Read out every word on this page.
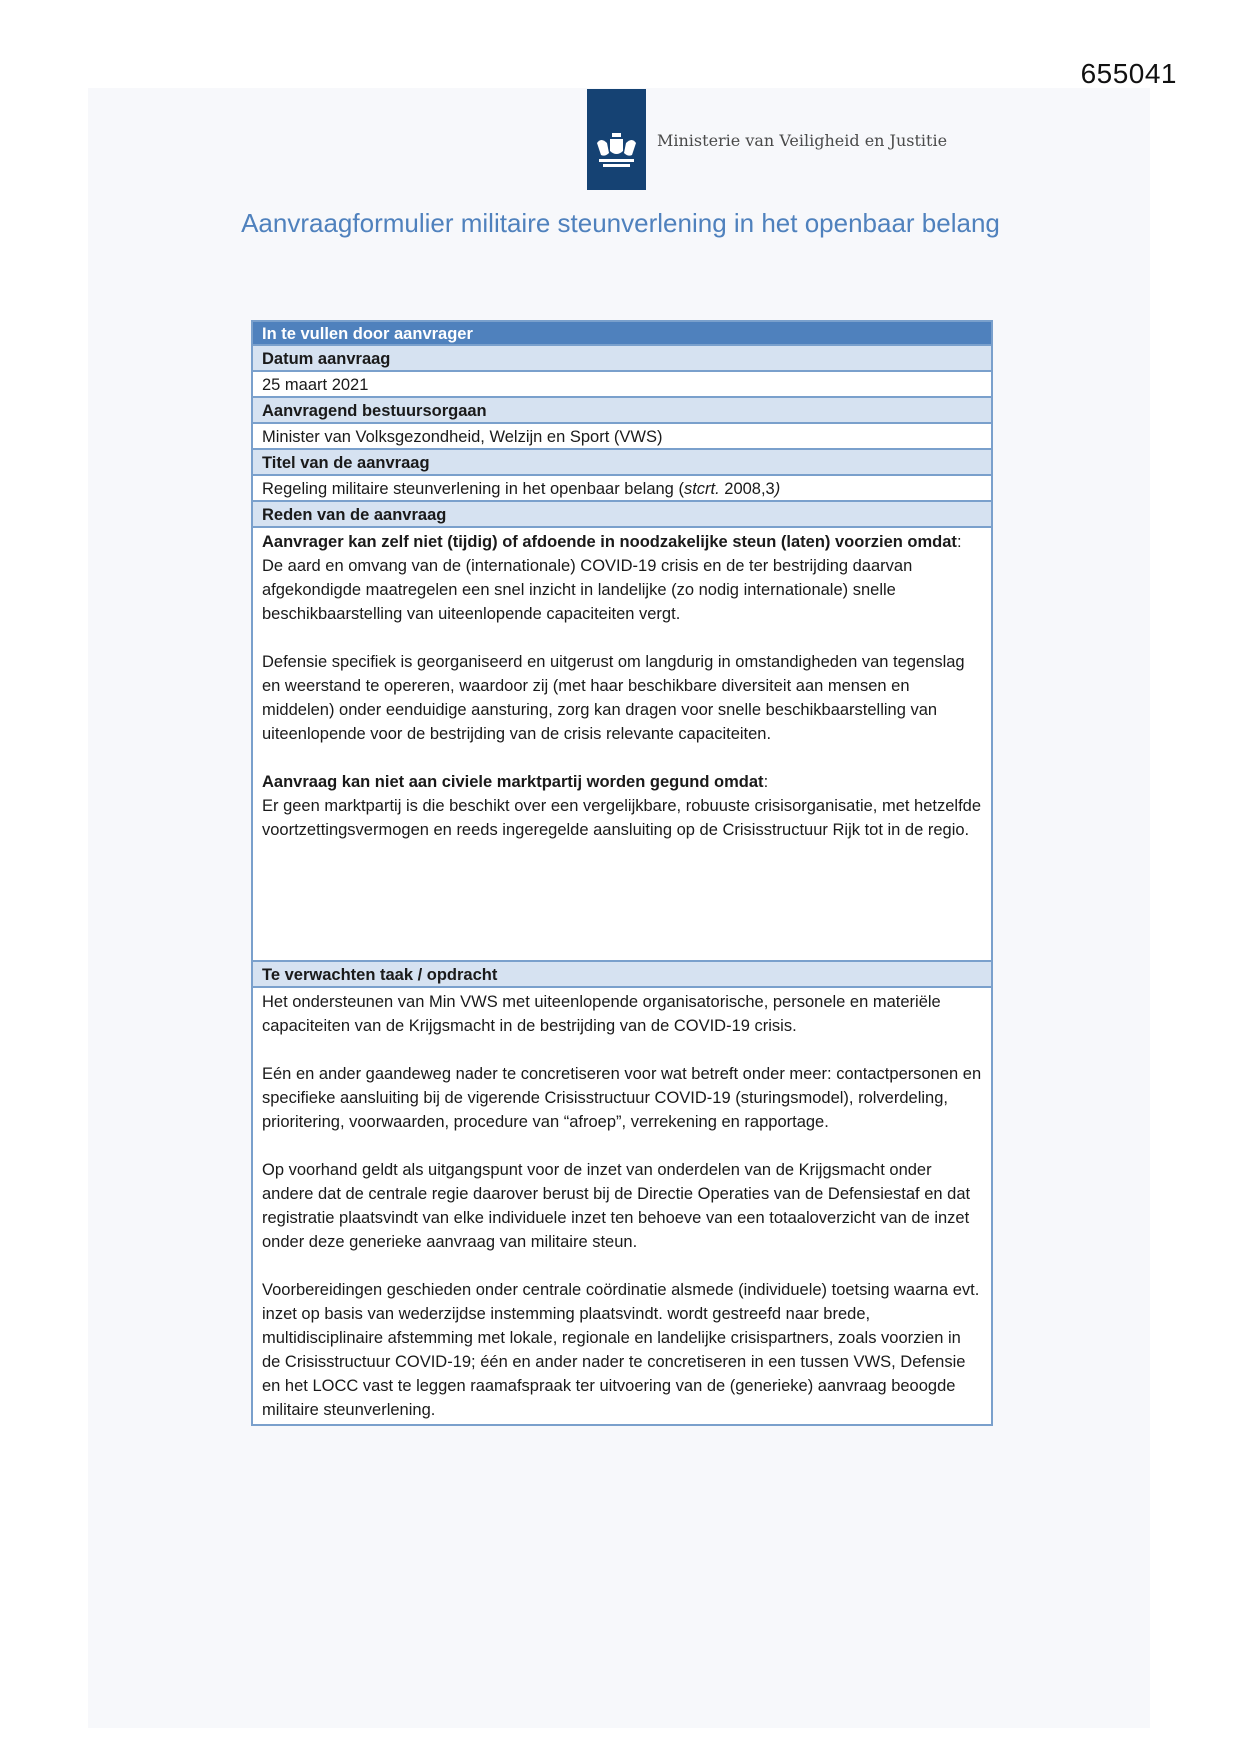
655041
Ministerie van Veiligheid en Justitie
Aanvraagformulier militaire steunverlening in het openbaar belang
In te vullen door aanvrager
Datum aanvraag
25 maart 2021
Aanvragend bestuursorgaan
Minister van Volksgezondheid, Welzijn en Sport (VWS)
Titel van de aanvraag
Regeling militaire steunverlening in het openbaar belang (stcrt. 2008,3)
Reden van de aanvraag

Aanvrager kan zelf niet (tijdig) of afdoende in noodzakelijke steun (laten) voorzien omdat:

De aard en omvang van de (internationale) COVID-19 crisis en de ter bestrijding daarvan afgekondigde maatregelen een snel inzicht in landelijke (zo nodig internationale) snelle beschikbaarstelling van uiteenlopende capaciteiten vergt.

Defensie specifiek is georganiseerd en uitgerust om langdurig in omstandigheden van tegenslag en weerstand te opereren, waardoor zij (met haar beschikbare diversiteit aan mensen en middelen) onder eenduidige aansturing, zorg kan dragen voor snelle beschikbaarstelling van uiteenlopende voor de bestrijding van de crisis relevante capaciteiten.

Aanvraag kan niet aan civiele marktpartij worden gegund omdat:

Er geen marktpartij is die beschikt over een vergelijkbare, robuuste crisisorganisatie, met hetzelfde voortzettingsvermogen en reeds ingeregelde aansluiting op de Crisisstructuur Rijk tot in de regio.

Te verwachten taak / opdracht

Het ondersteunen van Min VWS met uiteenlopende organisatorische, personele en materiële capaciteiten van de Krijgsmacht in de bestrijding van de COVID-19 crisis.

Eén en ander gaandeweg nader te concretiseren voor wat betreft onder meer: contactpersonen en specifieke aansluiting bij de vigerende Crisisstructuur COVID-19 (sturingsmodel), rolverdeling, prioritering, voorwaarden, procedure van “afroep”, verrekening en rapportage.

Op voorhand geldt als uitgangspunt voor de inzet van onderdelen van de Krijgsmacht onder andere dat de centrale regie daarover berust bij de Directie Operaties van de Defensiestaf en dat registratie plaatsvindt van elke individuele inzet ten behoeve van een totaaloverzicht van de inzet onder deze generieke aanvraag van militaire steun.

Voorbereidingen geschieden onder centrale coördinatie alsmede (individuele) toetsing waarna evt. inzet op basis van wederzijdse instemming plaatsvindt. wordt gestreefd naar brede, multidisciplinaire afstemming met lokale, regionale en landelijke crisispartners, zoals voorzien in de Crisisstructuur COVID-19; één en ander nader te concretiseren in een tussen VWS, Defensie en het LOCC vast te leggen raamafspraak ter uitvoering van de (generieke) aanvraag beoogde militaire steunverlening.
